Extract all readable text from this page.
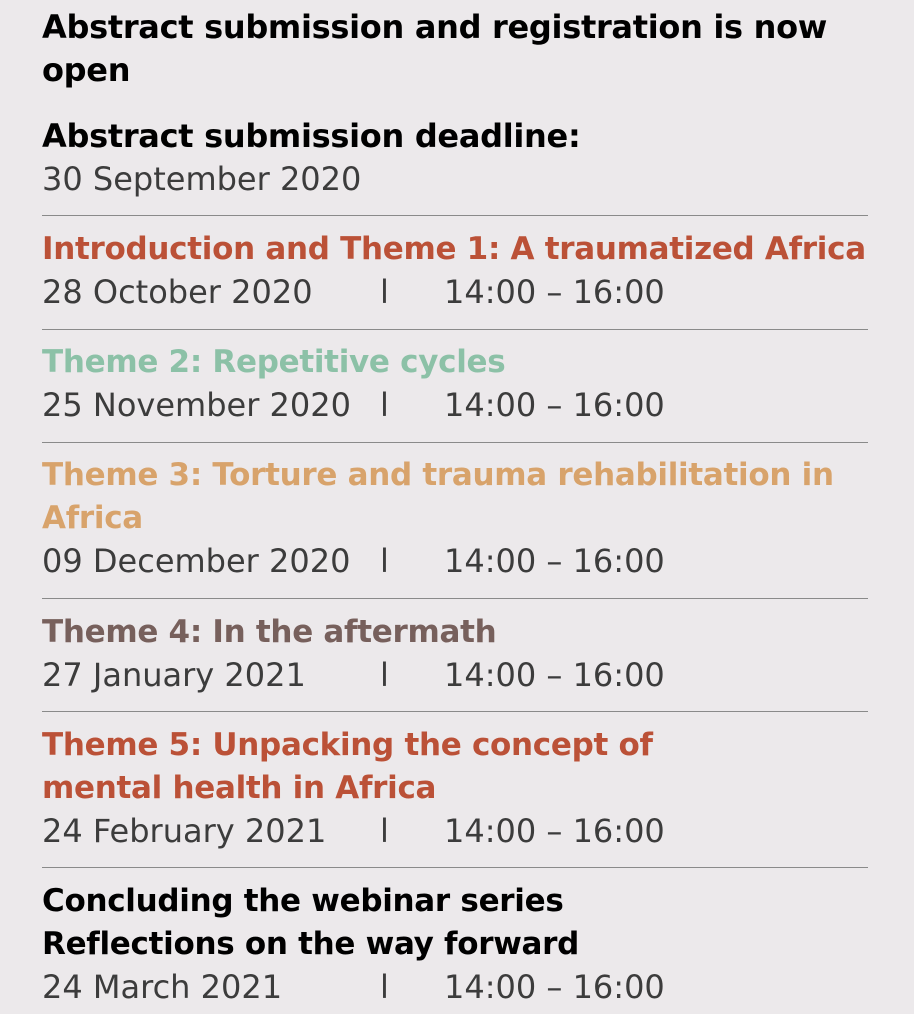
Abstract submission and registration is now open
Abstract submission deadline:
30 September 2020
Introduction and Theme 1: A traumatized Africa
28 October 2020 l 14:00 – 16:00
Theme 2: Repetitive cycles
25 November 2020 l 14:00 – 16:00
Theme 3: Torture and trauma rehabilitation in Africa
09 December 2020 l 14:00 – 16:00
Theme 4: In the aftermath
27 January 2021 l 14:00 – 16:00
Theme 5: Unpacking the concept of mental health in Africa
24 February 2021 l 14:00 – 16:00
Concluding the webinar series
Reflections on the way forward
24 March 2021	l 14:00 – 16:00
